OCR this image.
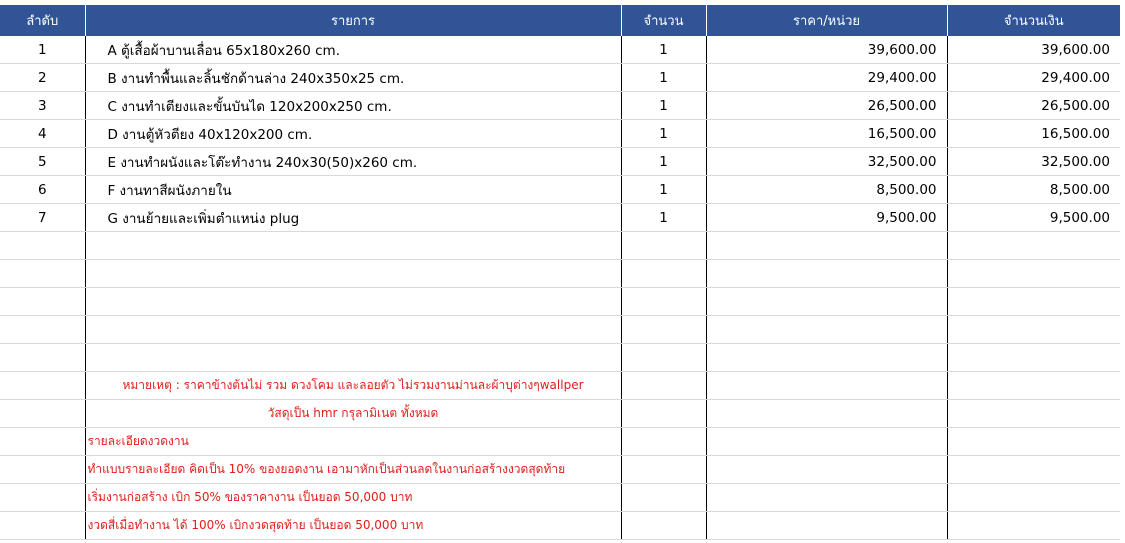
ลำดับ	รายการ	จำนวน	ราคา/หน่วย	จำนวนเงิน
1	A ตู้เสื้อผ้าบานเลื่อน 65x180x260 cm.	1	39,600.00	39,600.00
2	B งานทำพื้นและลิ้นชักด้านล่าง 240x350x25 cm.	1	29,400.00	29,400.00
3	C งานทำเตียงและขั้นบันได 120x200x250 cm.	1	26,500.00	26,500.00
4	D งานตู้หัวตียง 40x120x200 cm.	1	16,500.00	16,500.00
5	E งานทำผนังและโต๊ะทำงาน 240x30(50)x260 cm.	1	32,500.00	32,500.00
6	F งานทาสีผนังภายใน	1	8,500.00	8,500.00
7	G งานย้ายและเพิ่มตำแหน่ง plug	1	9,500.00	9,500.00

	หมายเหตุ : ราคาข้างต้นไม่ รวม ดวงโคม และลอยตัว ไม่รวมงานม่านละผ้าบุต่างๆwallper			
	วัสดุเป็น hmr กรุลามิเนต ทั้งหมด			
	รายละเอียดงวดงาน			
	ทำแบบรายละเอียด คิดเป็น 10% ของยอดงาน เอามาหักเป็นส่วนลดในงานก่อสร้างงวดสุดท้าย			
	เริ่มงานก่อสร้าง เบิก 50% ของราคางาน เป็นยอด 50,000 บาท			
	งวดสี่เมื่อทำงาน ได้ 100% เบิกงวดสุดท้าย เป็นยอด 50,000 บาท			
